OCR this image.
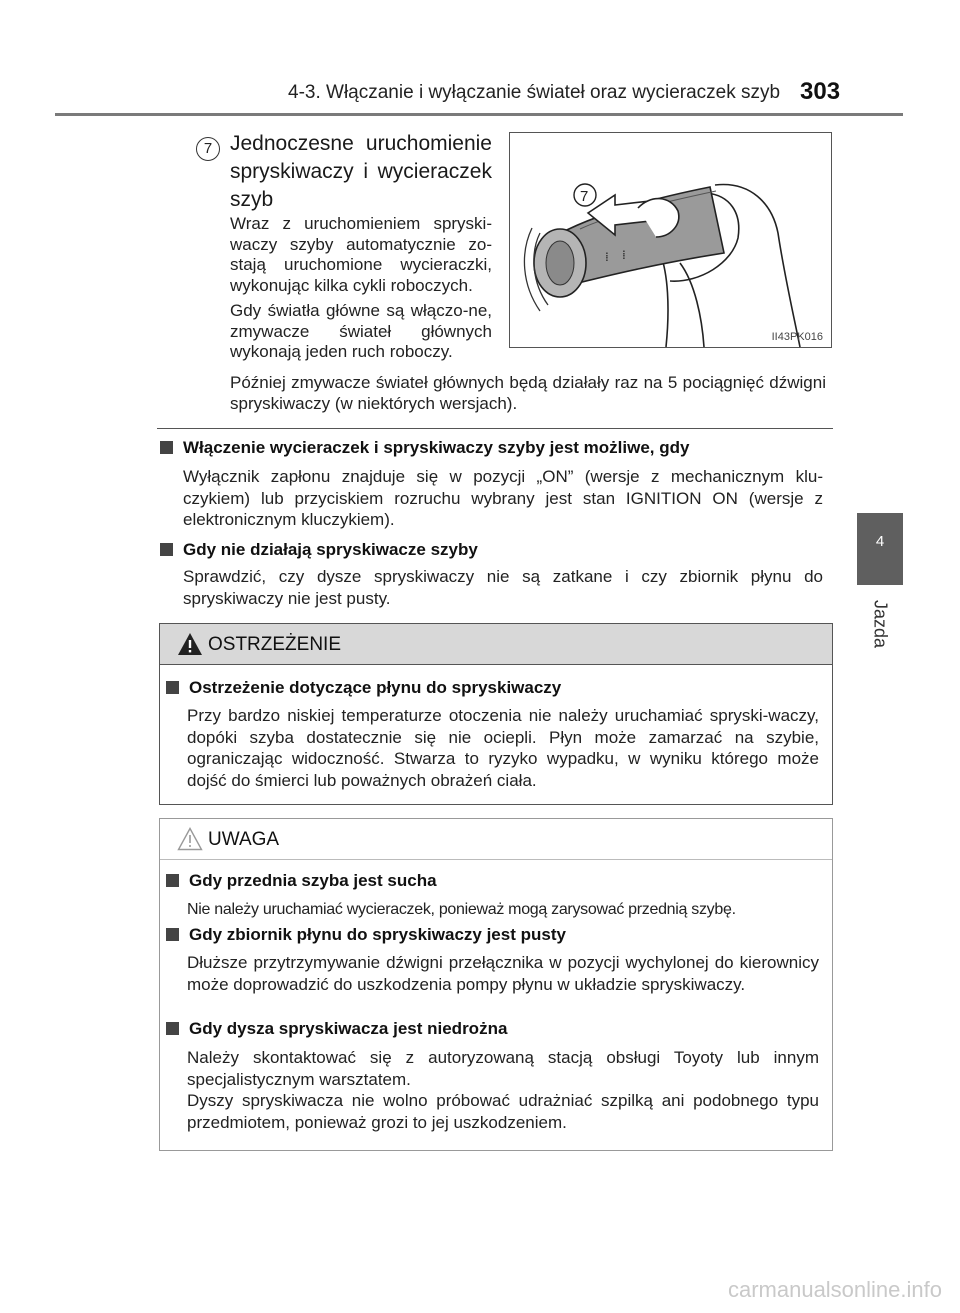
4-3. Włączanie i wyłączanie świateł oraz wycieraczek szyb 303
4
Jazda
7 Jednoczesne uruchomienie spryskiwaczy i wycieraczek szyb
Wraz z uruchomieniem spryski-waczy szyby automatycznie zo-stają uruchomione wycieraczki, wykonując kilka cykli roboczych.
Gdy światła główne są włączo-ne, zmywacze świateł głównych wykonają jeden ruch roboczy.
Później zmywacze świateł głównych będą działały raz na 5 pociągnięć dźwigni spryskiwaczy (w niektórych wersjach).
⁞ ⁞
7
II43PK016
Włączenie wycieraczek i spryskiwaczy szyby jest możliwe, gdy
Wyłącznik zapłonu znajduje się w pozycji „ON” (wersje z mechanicznym klu-czykiem) lub przyciskiem rozruchu wybrany jest stan IGNITION ON (wersje z elektronicznym kluczykiem).
Gdy nie działają spryskiwacze szyby
Sprawdzić, czy dysze spryskiwaczy nie są zatkane i czy zbiornik płynu do spryskiwaczy nie jest pusty.
OSTRZEŻENIE
Ostrzeżenie dotyczące płynu do spryskiwaczy
Przy bardzo niskiej temperaturze otoczenia nie należy uruchamiać spryski-waczy, dopóki szyba dostatecznie się nie ociepli. Płyn może zamarzać na szybie, ograniczając widoczność. Stwarza to ryzyko wypadku, w wyniku którego może dojść do śmierci lub poważnych obrażeń ciała.
UWAGA
Gdy przednia szyba jest sucha
Nie należy uruchamiać wycieraczek, ponieważ mogą zarysować przednią szybę.
Gdy zbiornik płynu do spryskiwaczy jest pusty
Dłuższe przytrzymywanie dźwigni przełącznika w pozycji wychylonej do kierownicy może doprowadzić do uszkodzenia pompy płynu w układzie spryskiwaczy.
Gdy dysza spryskiwacza jest niedrożna
Należy skontaktować się z autoryzowaną stacją obsługi Toyoty lub innym specjalistycznym warsztatem.
Dyszy spryskiwacza nie wolno próbować udrażniać szpilką ani podobnego typu przedmiotem, ponieważ grozi to jej uszkodzeniem.
carmanualsonline.info
